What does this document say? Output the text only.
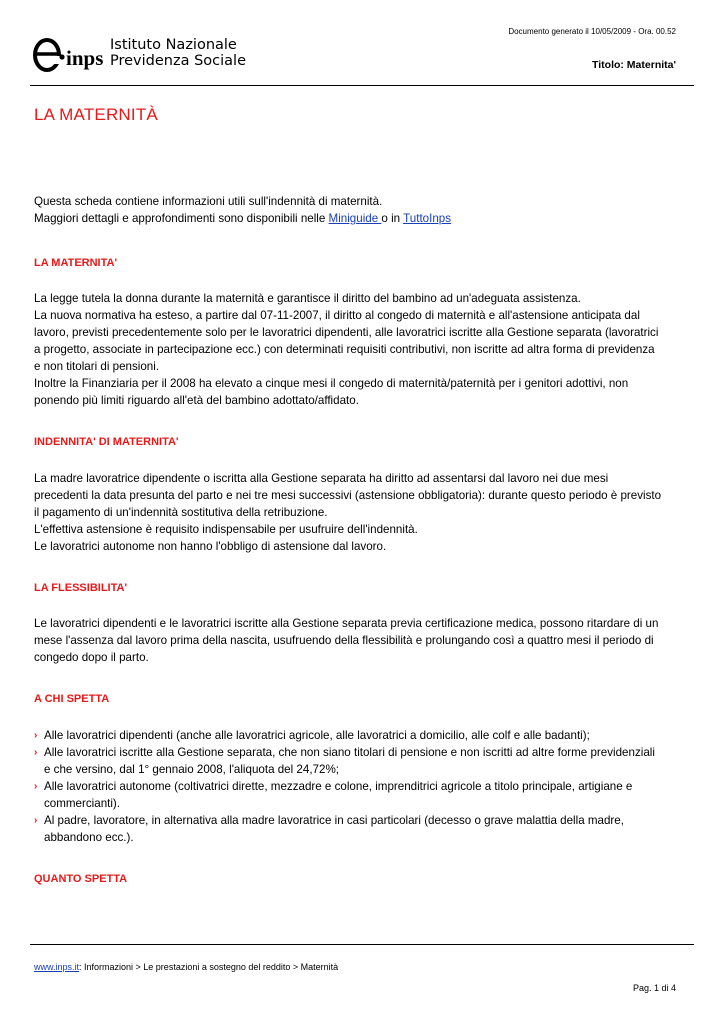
Documento generato il 10/05/2009 - Ora. 00.52
inps
Istituto Nazionale
Previdenza Sociale	Titolo: Maternita'
LA MATERNITÀ

Questa scheda contiene informazioni utili sull'indennità di maternità.

Maggiori dettagli e approfondimenti sono disponibili nelle Miniguide o in TuttoInps

LA MATERNITA'

La legge tutela la donna durante la maternità e garantisce il diritto del bambino ad un'adeguata assistenza.

La nuova normativa ha esteso, a partire dal 07-11-2007, il diritto al congedo di maternità e all'astensione anticipata dal lavoro, previsti precedentemente solo per le lavoratrici dipendenti, alle lavoratrici iscritte alla Gestione separata (lavoratrici a progetto, associate in partecipazione ecc.) con determinati requisiti contributivi, non iscritte ad altra forma di previdenza e non titolari di pensioni.

Inoltre la Finanziaria per il 2008 ha elevato a cinque mesi il congedo di maternità/paternità per i genitori adottivi, non ponendo più limiti riguardo all'età del bambino adottato/affidato.

INDENNITA' DI MATERNITA'

La madre lavoratrice dipendente o iscritta alla Gestione separata ha diritto ad assentarsi dal lavoro nei due mesi precedenti la data presunta del parto e nei tre mesi successivi (astensione obbligatoria): durante questo periodo è previsto il pagamento di un'indennità sostitutiva della retribuzione.

L'effettiva astensione è requisito indispensabile per usufruire dell'indennità.

Le lavoratrici autonome non hanno l'obbligo di astensione dal lavoro.

LA FLESSIBILITA'

Le lavoratrici dipendenti e le lavoratrici iscritte alla Gestione separata previa certificazione medica, possono ritardare di un mese l'assenza dal lavoro prima della nascita, usufruendo della flessibilità e prolungando così a quattro mesi il periodo di congedo dopo il parto.

A CHI SPETTA
› Alle lavoratrici dipendenti (anche alle lavoratrici agricole, alle lavoratrici a domicilio, alle colf e alle badanti);
› Alle lavoratrici iscritte alla Gestione separata, che non siano titolari di pensione e non iscritti ad altre forme previdenziali e che versino, dal 1° gennaio 2008, l'aliquota del 24,72%;
› Alle lavoratrici autonome (coltivatrici dirette, mezzadre e colone, imprenditrici agricole a titolo principale, artigiane e commercianti).
› Al padre, lavoratore, in alternativa alla madre lavoratrice in casi particolari (decesso o grave malattia della madre, abbandono ecc.).
QUANTO SPETTA
www.inps.it: Informazioni > Le prestazioni a sostegno del reddito > Maternità
Pag. 1 di 4
